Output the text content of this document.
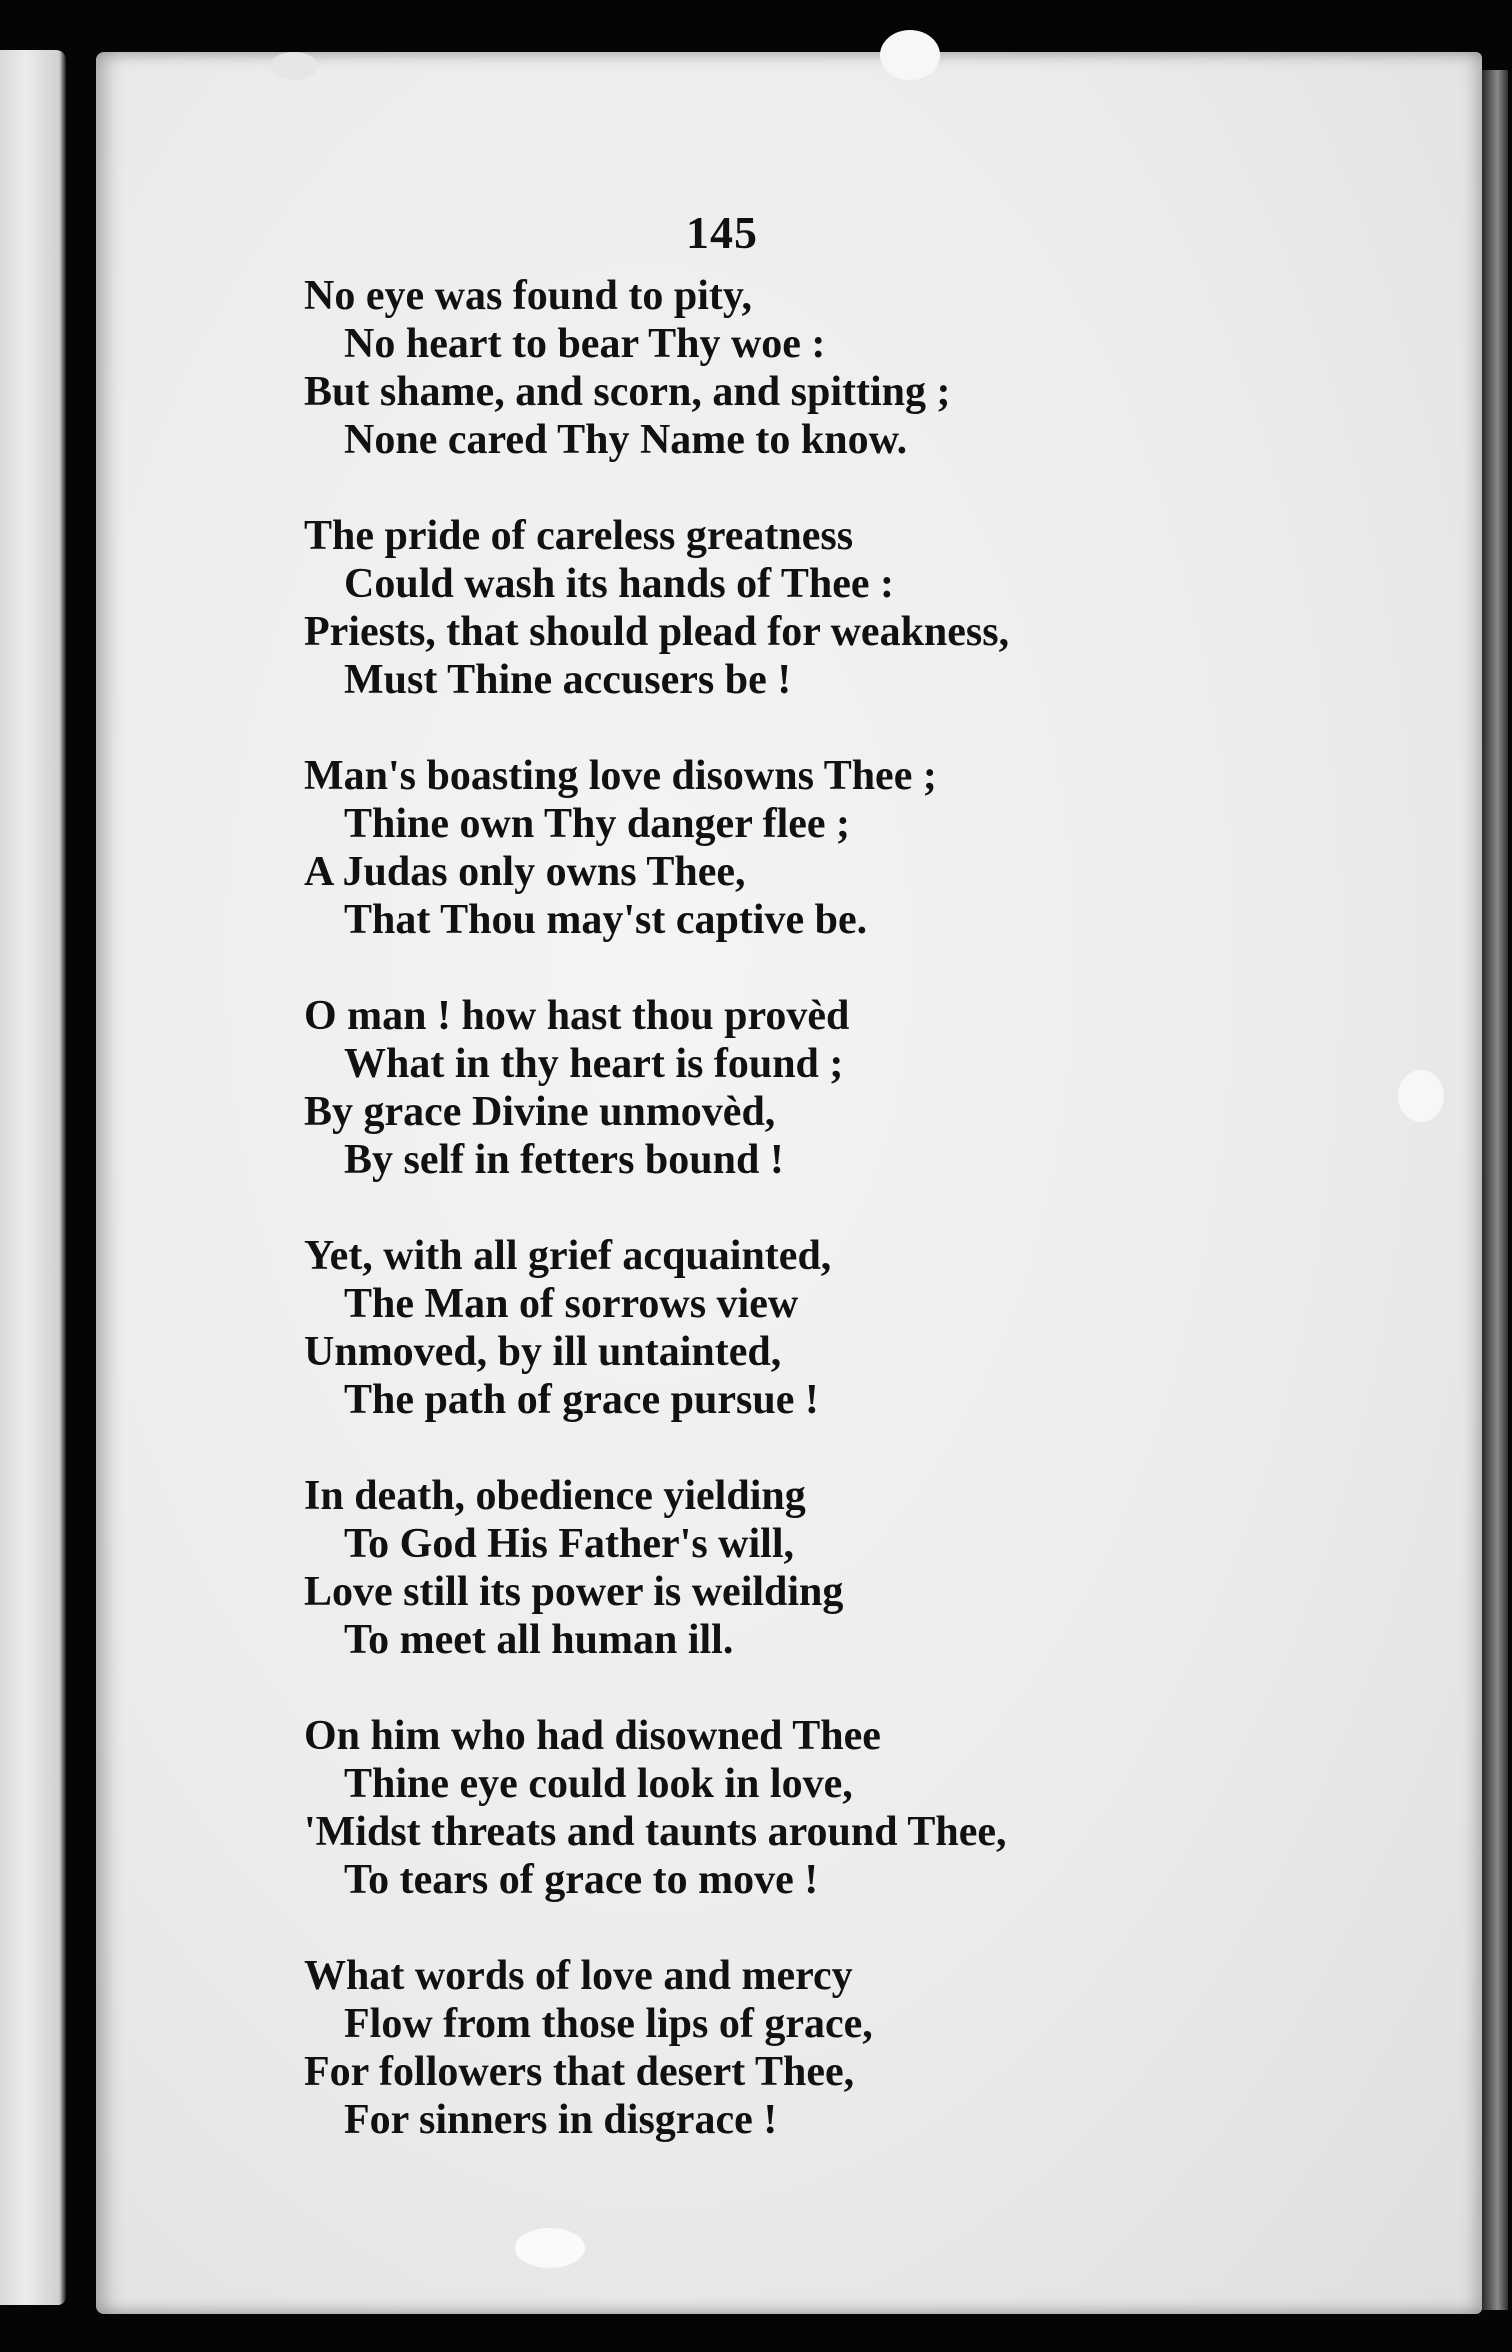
145
No eye was found to pity,
No heart to bear Thy woe :
But shame, and scorn, and spitting ;
None cared Thy Name to know.
The pride of careless greatness
Could wash its hands of Thee :
Priests, that should plead for weakness,
Must Thine accusers be !
Man's boasting love disowns Thee ;
Thine own Thy danger flee ;
A Judas only owns Thee,
That Thou may'st captive be.
O man ! how hast thou provèd
What in thy heart is found ;
By grace Divine unmovèd,
By self in fetters bound !
Yet, with all grief acquainted,
The Man of sorrows view
Unmoved, by ill untainted,
The path of grace pursue !
In death, obedience yielding
To God His Father's will,
Love still its power is weilding
To meet all human ill.
On him who had disowned Thee
Thine eye could look in love,
'Midst threats and taunts around Thee,
To tears of grace to move !
What words of love and mercy
Flow from those lips of grace,
For followers that desert Thee,
For sinners in disgrace !
